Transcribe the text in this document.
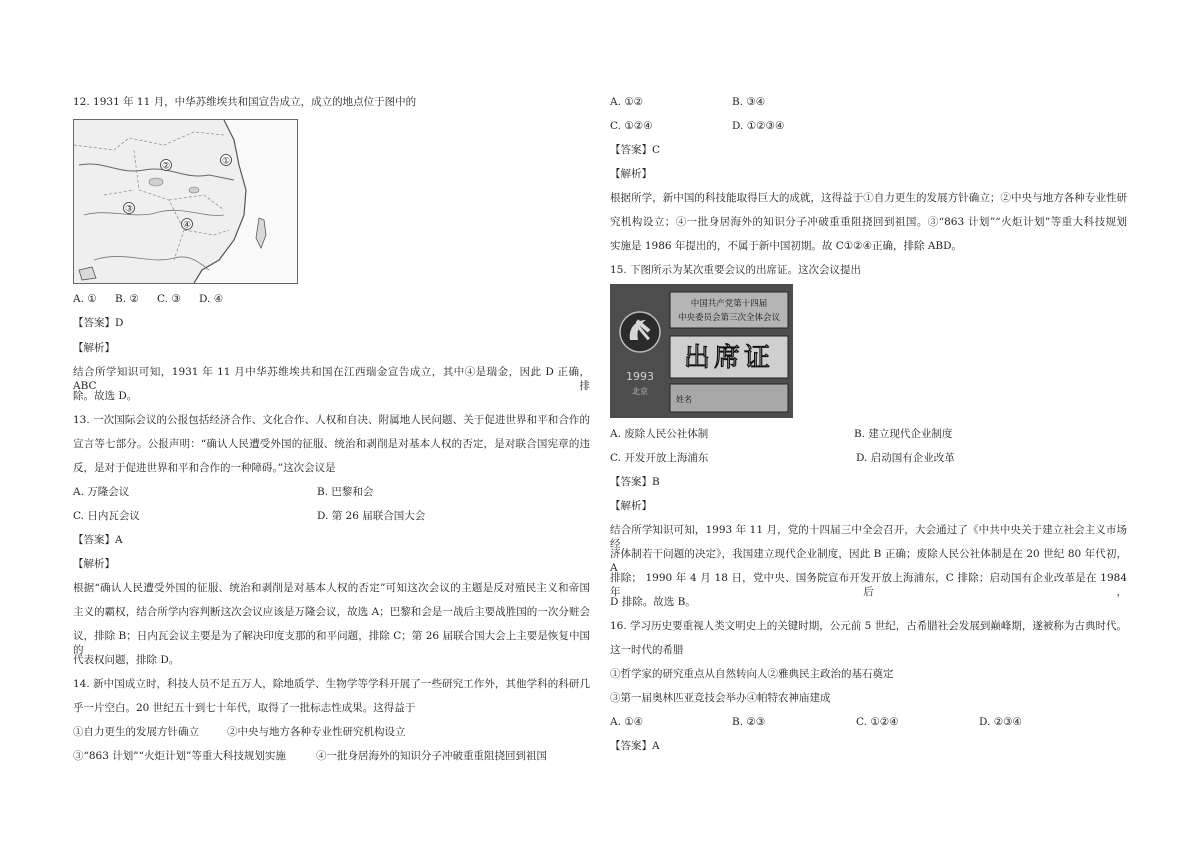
12. 1931 年 11 月，中华苏维埃共和国宣告成立，成立的地点位于图中的
①
②
③
④
A. ① B. ② C. ③ D. ④
【答案】D
【解析】
结合所学知识可知，1931 年 11 月中华苏维埃共和国在江西瑞金宣告成立，其中④是瑞金，因此 D 正确，ABC 排
除。故选 D。
13. 一次国际会议的公报包括经济合作、文化合作、人权和自决、附属地人民问题、关于促进世界和平和合作的
宣言等七部分。公报声明：“确认人民遭受外国的征服、统治和剥削是对基本人权的否定，是对联合国宪章的违
反，是对于促进世界和平和合作的一种障碍。”这次会议是
A. 万隆会议	B. 巴黎和会
C. 日内瓦会议	D. 第 26 届联合国大会
【答案】A
【解析】
根据“确认人民遭受外国的征服、统治和剥削是对基本人权的否定”可知这次会议的主题是反对殖民主义和帝国
主义的霸权，结合所学内容判断这次会议应该是万隆会议，故选 A；巴黎和会是一战后主要战胜国的一次分赃会
议，排除 B；日内瓦会议主要是为了解决印度支那的和平问题，排除 C；第 26 届联合国大会上主要是恢复中国的
代表权问题，排除 D。
14. 新中国成立时，科技人员不足五万人，除地质学、生物学等学科开展了一些研究工作外，其他学科的科研几
乎一片空白。20 世纪五十到七十年代，取得了一批标志性成果。这得益于
①自力更生的发展方针确立	②中央与地方各种专业性研究机构设立
③“863 计划”“火炬计划”等重大科技规划实施	④一批身居海外的知识分子冲破重重阻挠回到祖国
A. ①②	B. ③④
C. ①②④	D. ①②③④
【答案】C
【解析】
根据所学，新中国的科技能取得巨大的成就，这得益于①自力更生的发展方针确立；②中央与地方各种专业性研
究机构设立；④一批身居海外的知识分子冲破重重阻挠回到祖国。③“863 计划”“火炬计划”等重大科技规划
实施是 1986 年提出的，不属于新中国初期。故 C①②④正确，排除 ABD。
15. 下图所示为某次重要会议的出席证。这次会议提出
中国共产党第十四届
中央委员会第三次全体会议
出席证
姓名
1993
北京
A. 废除人民公社体制	B. 建立现代企业制度
C. 开发开放上海浦东	D. 启动国有企业改革
【答案】B
【解析】
结合所学知识可知，1993 年 11 月，党的十四届三中全会召开，大会通过了《中共中央关于建立社会主义市场经
济体制若干问题的决定》，我国建立现代企业制度，因此 B 正确；废除人民公社体制是在 20 世纪 80 年代初，A
排除； 1990 年 4 月 18 日，党中央、国务院宣布开发开放上海浦东，C 排除；启动国有企业改革是在 1984 年后，
D 排除。故选 B。
16. 学习历史要重视人类文明史上的关键时期，公元前 5 世纪，古希腊社会发展到巅峰期，遂被称为古典时代。
这一时代的希腊
①哲学家的研究重点从自然转向人②雅典民主政治的基石奠定
③第一届奥林匹亚竞技会举办④帕特农神庙建成
A. ①④	B. ②③	C. ①②④	D. ②③④
【答案】A
